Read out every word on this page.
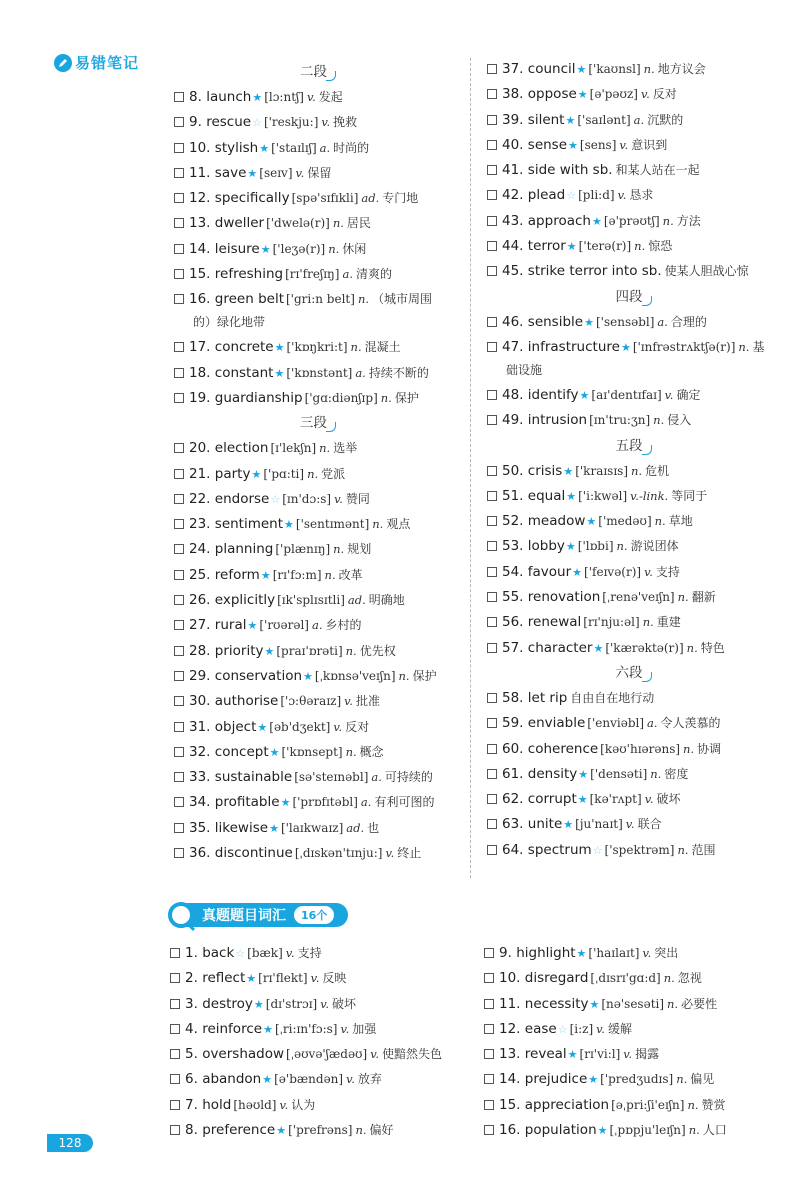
易错笔记	二段
8. launch★ [lɔ:ntʃ] v. 发起
9. rescue☆ ['reskju:] v. 挽救
10. stylish★ ['staɪlɪʃ] a. 时尚的
11. save★ [seɪv] v. 保留
12. specifically [spə'sɪfɪkli] ad. 专门地
13. dweller ['dwelə(r)] n. 居民
14. leisure★ ['leʒə(r)] n. 休闲
15. refreshing [rɪ'freʃɪŋ] a. 清爽的
16. green belt ['gri:n belt] n. （城市周围
的）绿化地带
17. concrete★ ['kɒŋkri:t] n. 混凝土
18. constant★ ['kɒnstənt] a. 持续不断的
19. guardianship ['gɑ:diənʃɪp] n. 保护
三段
20. election [ɪ'lekʃn] n. 选举
21. party★ ['pɑ:ti] n. 党派
22. endorse☆ [ɪn'dɔ:s] v. 赞同
23. sentiment★ ['sentɪmənt] n. 观点
24. planning ['plænɪŋ] n. 规划
25. reform★ [rɪ'fɔ:m] n. 改革
26. explicitly [ɪk'splɪsɪtli] ad. 明确地
27. rural★ ['rʊərəl] a. 乡村的
28. priority★ [praɪ'ɒrəti] n. 优先权
29. conservation★ [ˌkɒnsə'veɪʃn] n. 保护
30. authorise ['ɔ:θəraɪz] v. 批准
31. object★ [əb'dʒekt] v. 反对
32. concept★ ['kɒnsept] n. 概念
33. sustainable [sə'steɪnəbl] a. 可持续的
34. profitable★ ['prɒfɪtəbl] a. 有利可图的
35. likewise★ ['laɪkwaɪz] ad. 也
36. discontinue [ˌdɪskən'tɪnju:] v. 终止
37. council★ ['kaʊnsl] n. 地方议会
38. oppose★ [ə'pəʊz] v. 反对
39. silent★ ['saɪlənt] a. 沉默的
40. sense★ [sens] v. 意识到
41. side with sb. 和某人站在一起
42. plead☆ [pli:d] v. 恳求
43. approach★ [ə'prəʊtʃ] n. 方法
44. terror★ ['terə(r)] n. 惊恐
45. strike terror into sb. 使某人胆战心惊
四段
46. sensible★ ['sensəbl] a. 合理的
47. infrastructure★ ['ɪnfrəstrʌktʃə(r)] n. 基
础设施
48. identify★ [aɪ'dentɪfaɪ] v. 确定
49. intrusion [ɪn'tru:ʒn] n. 侵入
五段
50. crisis★ ['kraɪsɪs] n. 危机
51. equal★ ['i:kwəl] v.-link. 等同于
52. meadow★ ['medəʊ] n. 草地
53. lobby★ ['lɒbi] n. 游说团体
54. favour★ ['feɪvə(r)] v. 支持
55. renovation [ˌrenə'veɪʃn] n. 翻新
56. renewal [rɪ'nju:əl] n. 重建
57. character★ ['kærəktə(r)] n. 特色
六段
58. let rip 自由自在地行动
59. enviable ['enviəbl] a. 令人羡慕的
60. coherence [kəʊ'hɪərəns] n. 协调
61. density★ ['densəti] n. 密度
62. corrupt★ [kə'rʌpt] v. 破坏
63. unite★ [ju'naɪt] v. 联合
64. spectrum☆ ['spektrəm] n. 范围
真题题目词汇	16个
1. back☆ [bæk] v. 支持
2. reflect★ [rɪ'flekt] v. 反映
3. destroy★ [dɪ'strɔɪ] v. 破坏
4. reinforce★ [ˌri:ɪn'fɔ:s] v. 加强
5. overshadow [ˌəʊvə'ʃædəʊ] v. 使黯然失色
6. abandon★ [ə'bændən] v. 放弃
7. hold [həʊld] v. 认为
8. preference★ ['prefrəns] n. 偏好
9. highlight★ ['haɪlaɪt] v. 突出
10. disregard [ˌdɪsrɪ'gɑ:d] n. 忽视
11. necessity★ [nə'sesəti] n. 必要性
12. ease☆ [i:z] v. 缓解
13. reveal★ [rɪ'vi:l] v. 揭露
14. prejudice★ ['predʒudɪs] n. 偏见
15. appreciation [əˌpri:ʃi'eɪʃn] n. 赞赏
16. population★ [ˌpɒpju'leɪʃn] n. 人口
128
